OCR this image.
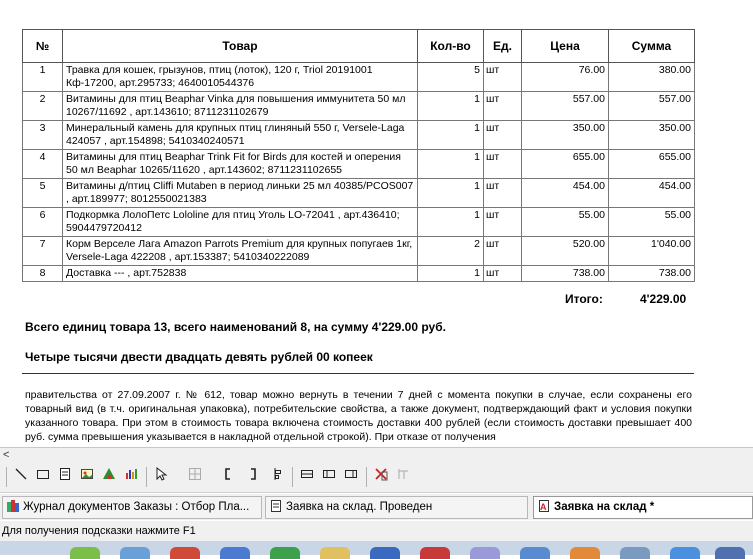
№	Товар	Кол-во	Ед.	Цена	Сумма
1	Травка для кошек, грызунов, птиц (лоток), 120 г, Triol 20191001 Кф-17200, арт.295733; 4640010544376	5	шт	76.00	380.00
2	Витамины для птиц Beaphar Vinka для повышения иммунитета 50 мл 10267/11692 , арт.143610; 8711231102679	1	шт	557.00	557.00
3	Минеральный камень для крупных птиц глиняный 550 г, Versele-Laga 424057 , арт.154898; 5410340240571	1	шт	350.00	350.00
4	Витамины для птиц Beaphar Trink Fit for Birds для костей и оперения 50 мл Beaphar 10265/11620 , арт.143602; 8711231102655	1	шт	655.00	655.00
5	Витамины д/птиц Cliffi Mutaben в период линьки 25 мл 40385/PCOS007 , арт.189977; 8012550021383	1	шт	454.00	454.00
6	Подкормка ЛолоПетс Lololine для птиц Уголь LO-72041 , арт.436410; 5904479720412	1	шт	55.00	55.00
7	Корм Верселе Лага Amazon Parrots Premium для крупных попугаев 1кг, Versele-Laga 422208 , арт.153387; 5410340222089	2	шт	520.00	1'040.00
8	Доставка --- , арт.752838	1	шт	738.00	738.00
Итого:	4'229.00
Всего единиц товара 13, всего наименований 8, на сумму 4'229.00 руб.
Четыре тысячи двести двадцать девять рублей 00 копеек
правительства от 27.09.2007 г. № 612, товар можно вернуть в течении 7 дней с момента покупки в случае, если сохранены его товарный вид (в т.ч. оригинальная упаковка), потребительские свойства, а также документ, подтверждающий факт и условия покупки указанного товара. При этом в стоимость товара включена стоимость доставки 400 рублей (если стоимость доставки превышает 400 руб. сумма превышения указывается в накладной отдельной строкой). При отказе от получения
<
Журнал документов Заказы : Отбор Пла...	Заявка на склад. Проведен	A Заявка на склад *
Для получения подсказки нажмите F1
